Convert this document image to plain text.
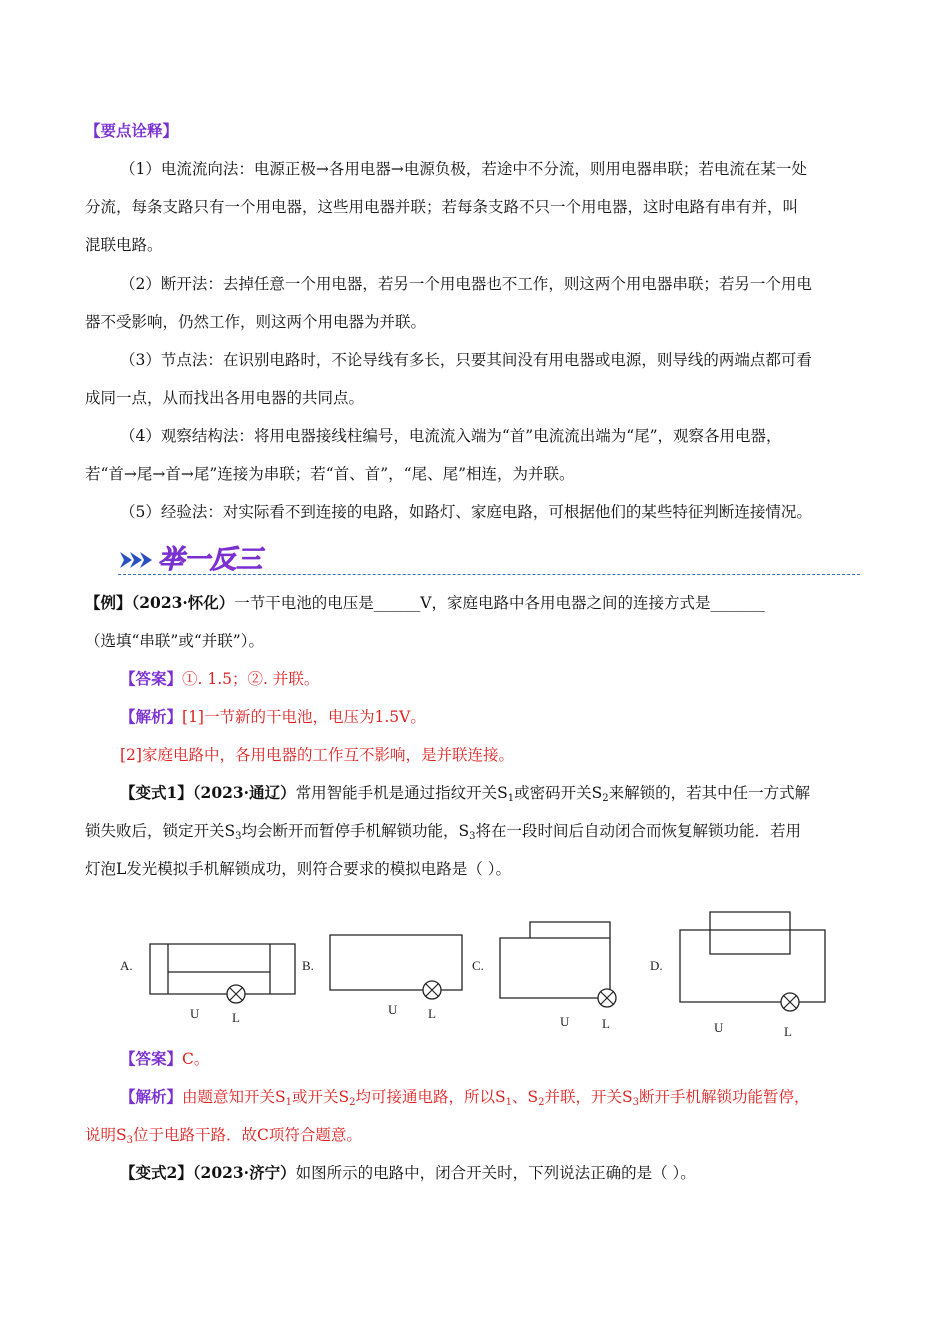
【要点诠释】
（1）电流流向法：电源正极→各用电器→电源负极，若途中不分流，则用电器串联；若电流在某一处
分流，每条支路只有一个用电器，这些用电器并联；若每条支路不只一个用电器，这时电路有串有并，叫
混联电路。
（2）断开法：去掉任意一个用电器，若另一个用电器也不工作，则这两个用电器串联；若另一个用电
器不受影响，仍然工作，则这两个用电器为并联。
（3）节点法：在识别电路时，不论导线有多长，只要其间没有用电器或电源，则导线的两端点都可看
成同一点，从而找出各用电器的共同点。
（4）观察结构法：将用电器接线柱编号，电流流入端为“首”电流流出端为“尾”，观察各用电器，
若“首→尾→首→尾”连接为串联；若“首、首”，“尾、尾”相连，为并联。
（5）经验法：对实际看不到连接的电路，如路灯、家庭电路，可根据他们的某些特征判断连接情况。
举一反三
【例】（2023·怀化）一节干电池的电压是______V，家庭电路中各用电器之间的连接方式是_______
（选填“串联”或“并联”）。
【答案】①. 1.5；②. 并联。
【解析】[1]一节新的干电池，电压为1.5V。
[2]家庭电路中，各用电器的工作互不影响，是并联连接。
【变式1】（2023·通辽）常用智能手机是通过指纹开关$S_1$或密码开关$S_2$来解锁的，若其中任一方式解
锁失败后，锁定开关$S_3$均会断开而暂停手机解锁功能，$S_3$将在一段时间后自动闭合而恢复解锁功能．若用
灯泡L发光模拟手机解锁成功，则符合要求的模拟电路是（ ）。
A.	B.	C.	D.
U	L
U L
U	L	U	L
【答案】C。
【解析】由题意知开关$S_1$或开关$S_2$均可接通电路，所以$S_1$、$S_2$并联，开关$S_3$断开手机解锁功能暂停，
说明$S_3$位于电路干路．故C项符合题意。
【变式2】（2023·济宁）如图所示的电路中，闭合开关时，下列说法正确的是（ ）。
